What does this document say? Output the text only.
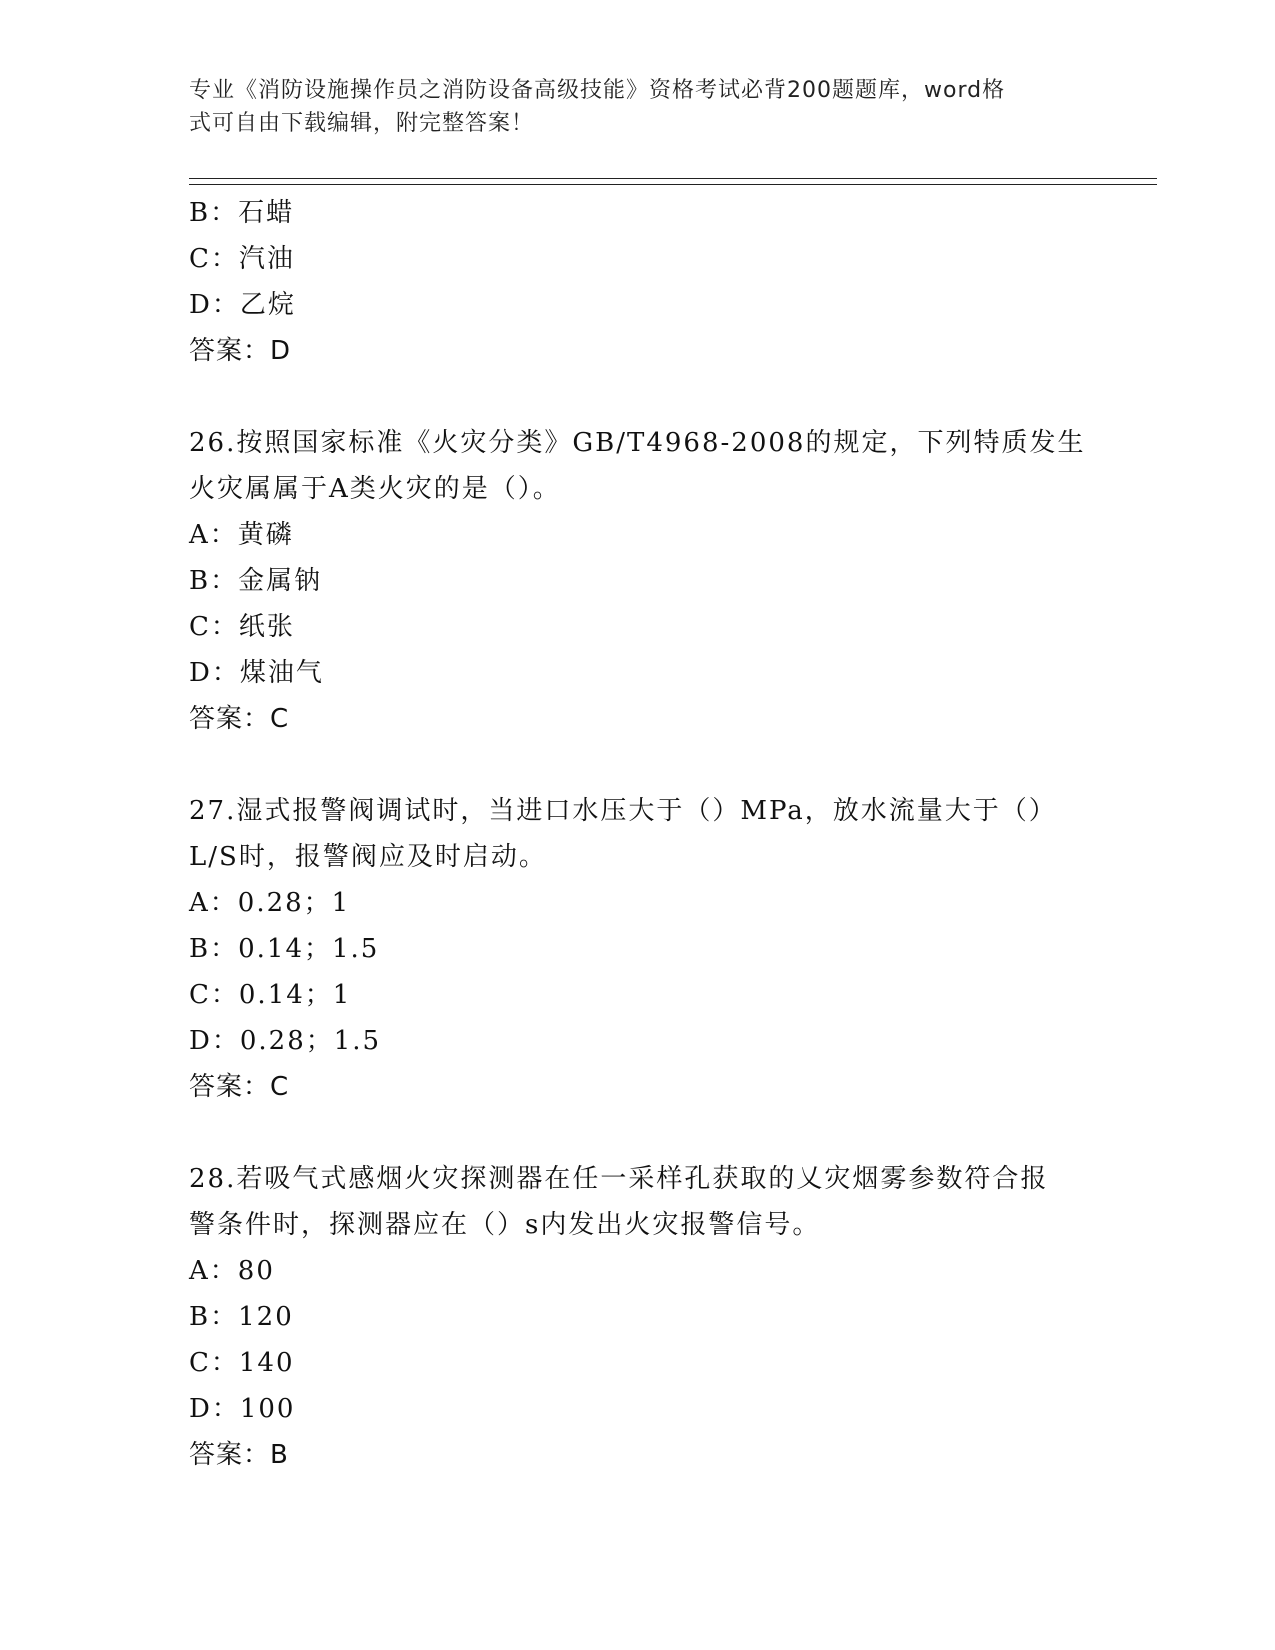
专业《消防设施操作员之消防设备高级技能》资格考试必背200题题库，word格
式可自由下载编辑，附完整答案！
B：石蜡
C：汽油
D：乙烷
答案：D
26.按照国家标准《火灾分类》GB/T4968-2008的规定，下列特质发生
火灾属属于A类火灾的是（）。
A：黄磷
B：金属钠
C：纸张
D：煤油气
答案：C
27.湿式报警阀调试时，当进口水压大于（）MPa，放水流量大于（）
L/S时，报警阀应及时启动。
A：0.28；1
B：0.14；1.5
C：0.14；1
D：0.28；1.5
答案：C
28.若吸气式感烟火灾探测器在任一采样孔获取的乂灾烟雾参数符合报
警条件时，探测器应在（）s内发出火灾报警信号。
A：80
B：120
C：140
D：100
答案：B
